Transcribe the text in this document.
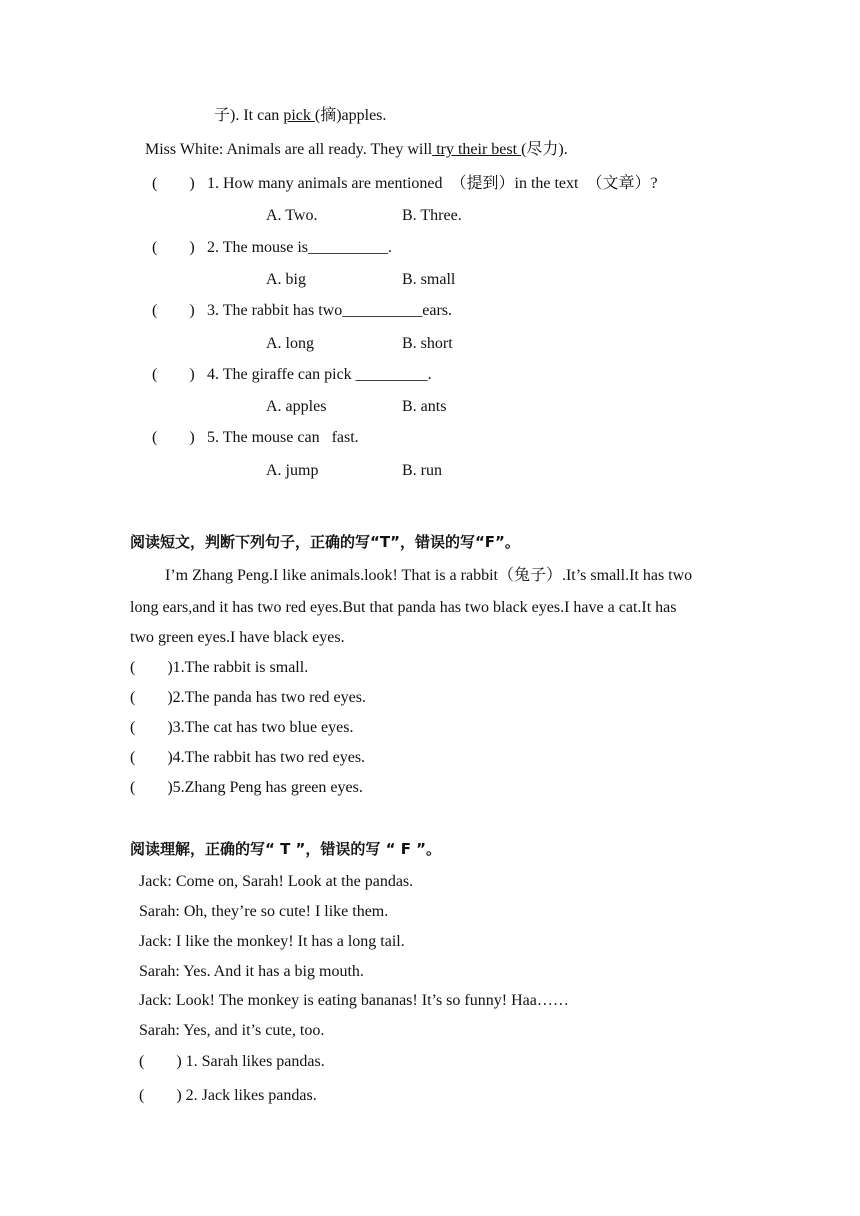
子). It can pick (摘)apples.
Miss White: Animals are all ready. They will try their best (尽力).
(        ) 1. How many animals are mentioned  （提到）in the text  （文章）?
A. Two.	B. Three.
(        ) 2. The mouse is__________.
A. big	B. small
(        ) 3. The rabbit has two__________ears.
A. long	B. short
(        ) 4. The giraffe can pick _________.
A. apples	B. ants
(        ) 5. The mouse can   fast.
A. jump	B. run
阅读短文，判断下列句子，正确的写“T”，错误的写“F”。
I’m Zhang Peng.I like animals.look! That is a rabbit（兔子）.It’s small.It has two
long ears,and it has two red eyes.But that panda has two black eyes.I have a cat.It has
two green eyes.I have black eyes.
(        )1.The rabbit is small.
(        )2.The panda has two red eyes.
(        )3.The cat has two blue eyes.
(        )4.The rabbit has two red eyes.
(        )5.Zhang Peng has green eyes.
阅读理解，正确的写“ T ”，错误的写 “ F ”。
Jack: Come on, Sarah! Look at the pandas.
Sarah: Oh, they’re so cute! I like them.
Jack: I like the monkey! It has a long tail.
Sarah: Yes. And it has a big mouth.
Jack: Look! The monkey is eating bananas! It’s so funny! Haa……
Sarah: Yes, and it’s cute, too.
(        ) 1. Sarah likes pandas.
(        ) 2. Jack likes pandas.
